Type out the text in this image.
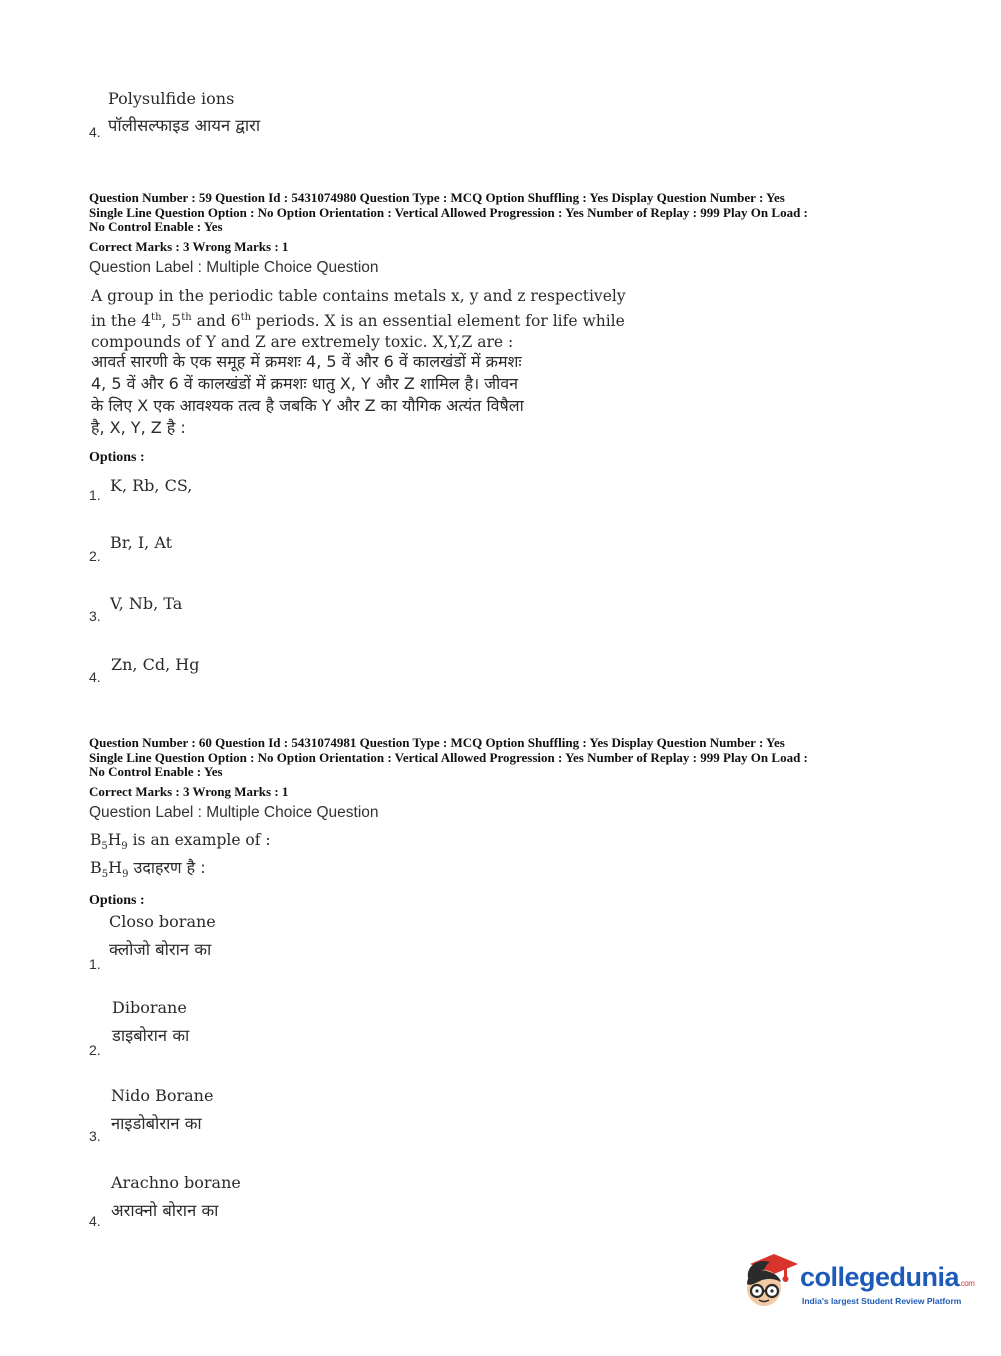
Polysulfide ions
पॉलीसल्फाइड आयन द्वारा
4.
Question Number : 59 Question Id : 5431074980 Question Type : MCQ Option Shuffling : Yes Display Question Number : Yes
Single Line Question Option : No Option Orientation : Vertical Allowed Progression : Yes Number of Replay : 999 Play On Load :
No Control Enable : Yes
Correct Marks : 3 Wrong Marks : 1
Question Label : Multiple Choice Question
A group in the periodic table contains metals x, y and z respectively
in the 4th, 5th and 6th periods. X is an essential element for life while
compounds of Y and Z are extremely toxic. X,Y,Z are :
आवर्त सारणी के एक समूह में क्रमशः 4, 5 वें और 6 वें कालखंडों में क्रमशः
4, 5 वें और 6 वें कालखंडों में क्रमशः धातु X, Y और Z शामिल है। जीवन
के लिए X एक आवश्यक तत्व है जबकि Y और Z का यौगिक अत्यंत विषैला
है, X, Y, Z है :
Options :
K, Rb, CS,
1.
Br, I, At
2.
V, Nb, Ta
3.
Zn, Cd, Hg
4.
Question Number : 60 Question Id : 5431074981 Question Type : MCQ Option Shuffling : Yes Display Question Number : Yes
Single Line Question Option : No Option Orientation : Vertical Allowed Progression : Yes Number of Replay : 999 Play On Load :
No Control Enable : Yes
Correct Marks : 3 Wrong Marks : 1
Question Label : Multiple Choice Question
$B_5H_9$ is an example of :
$B_5H_9$ उदाहरण है :
Options :
Closo borane
क्लोजो बोरान का
1.
Diborane
डाइबोरान का
2.
Nido Borane
नाइडोबोरान का
3.
Arachno borane
अराक्नो बोरान का
4.
collegedunia.com
India's largest Student Review Platform
